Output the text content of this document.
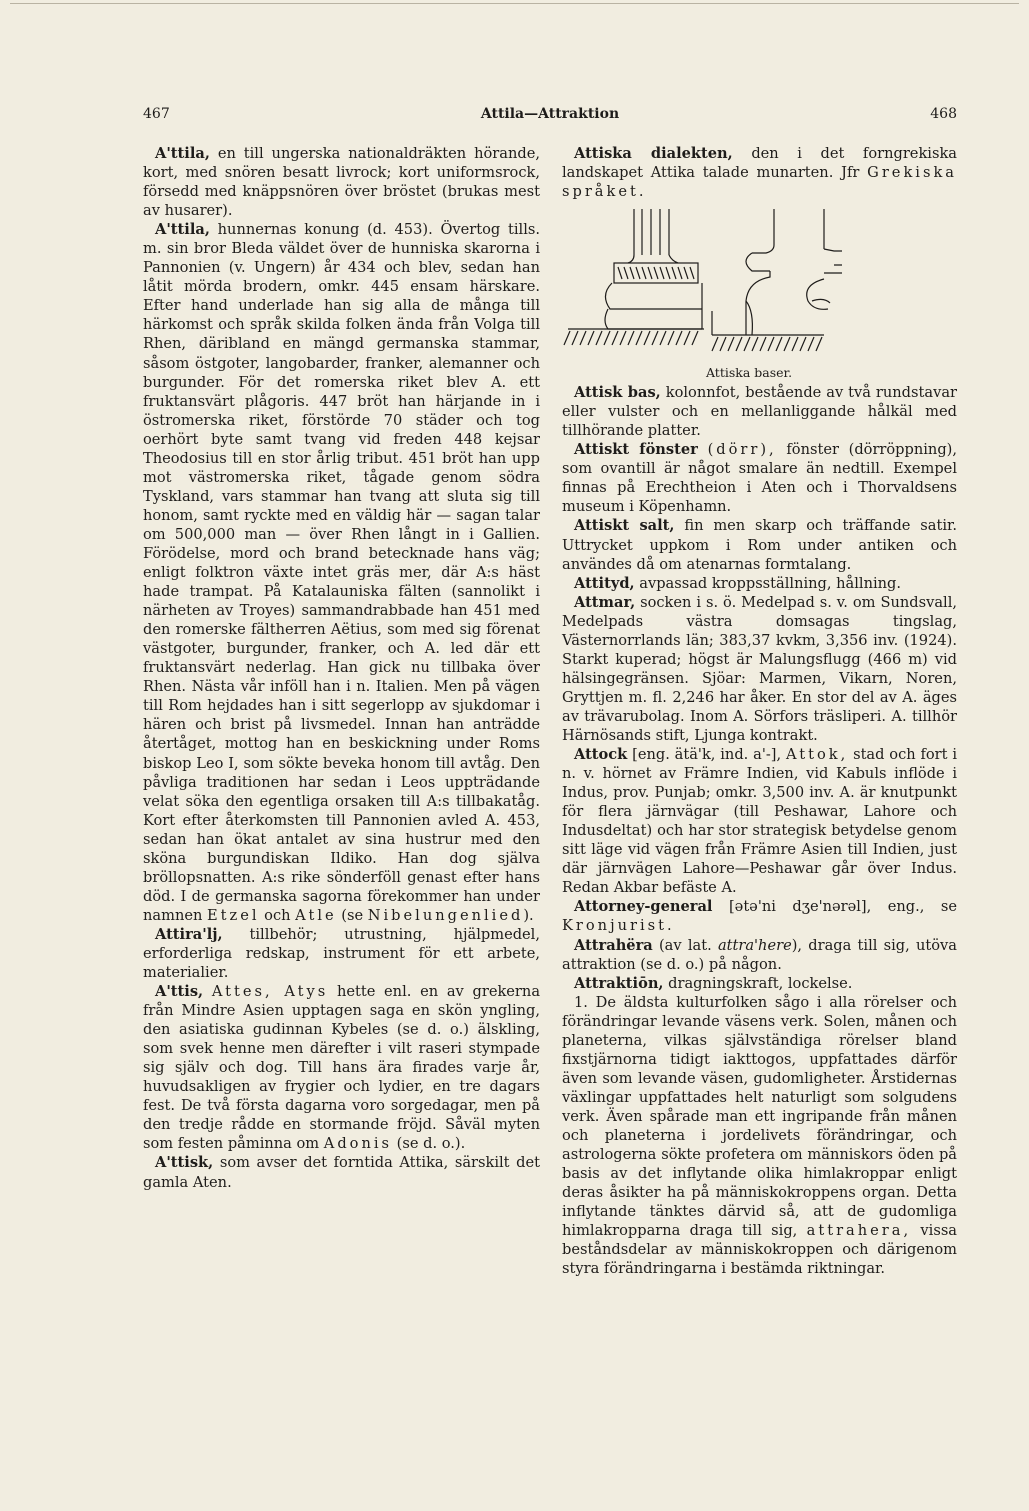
467	Attila—Attraktion	468

A'ttila, en till ungerska nationaldräkten hörande, kort, med snören besatt livrock; kort uniformsrock, försedd med knäppsnören över bröstet (brukas mest av husarer).

A'ttila, hunnernas konung (d. 453). Övertog tills. m. sin bror Bleda väldet över de hunniska skarorna i Pannonien (v. Ungern) år 434 och blev, sedan han låtit mörda brodern, omkr. 445 ensam härskare. Efter hand underlade han sig alla de många till härkomst och språk skilda folken ända från Volga till Rhen, däribland en mängd germanska stammar, såsom östgoter, langobarder, franker, alemanner och burgunder. För det romerska riket blev A. ett fruktansvärt plågoris. 447 bröt han härjande in i östromerska riket, förstörde 70 städer och tog oerhört byte samt tvang vid freden 448 kejsar Theodosius till en stor årlig tribut. 451 bröt han upp mot västromerska riket, tågade genom södra Tyskland, vars stammar han tvang att sluta sig till honom, samt ryckte med en väldig här — sagan talar om 500,000 man — över Rhen långt in i Gallien. Förödelse, mord och brand betecknade hans väg; enligt folktron växte intet gräs mer, där A:s häst hade trampat. På Katalauniska fälten (sannolikt i närheten av Troyes) sammandrabbade han 451 med den romerske fältherren Aëtius, som med sig förenat västgoter, burgunder, franker, och A. led där ett fruktansvärt nederlag. Han gick nu tillbaka över Rhen. Nästa vår inföll han i n. Italien. Men på vägen till Rom hejdades han i sitt segerlopp av sjukdomar i hären och brist på livsmedel. Innan han anträdde återtåget, mottog han en beskickning under Roms biskop Leo I, som sökte beveka honom till avtåg. Den påvliga traditionen har sedan i Leos uppträdande velat söka den egentliga orsaken till A:s tillbakatåg. Kort efter återkomsten till Pannonien avled A. 453, sedan han ökat antalet av sina hustrur med den sköna burgundiskan Ildiko. Han dog själva bröllopsnatten. A:s rike sönderföll genast efter hans död. I de germanska sagorna förekommer han under namnen Etzel och Atle (se Nibelungenlied).

Attira'lj, tillbehör; utrustning, hjälpmedel, erforderliga redskap, instrument för ett arbete, materialier.

A'ttis, Attes, Atys hette enl. en av grekerna från Mindre Asien upptagen saga en skön yngling, den asiatiska gudinnan Kybeles (se d. o.) älskling, som svek henne men därefter i vilt raseri stympade sig själv och dog. Till hans ära firades varje år, huvudsakligen av frygier och lydier, en tre dagars fest. De två första dagarna voro sorgedagar, men på den tredje rådde en stormande fröjd. Såväl myten som festen påminna om Adonis (se d. o.).

A'ttisk, som avser det forntida Attika, särskilt det gamla Aten.

Attiska dialekten, den i det forngrekiska landskapet Attika talade munarten. Jfr Grekiska språket.

Attiska baser.

Attisk bas, kolonnfot, bestående av två rundstavar eller vulster och en mellanliggande hålkäl med tillhörande platter.

Attiskt fönster (dörr), fönster (dörröppning), som ovantill är något smalare än nedtill. Exempel finnas på Erechtheion i Aten och i Thorvaldsens museum i Köpenhamn.

Attiskt salt, fin men skarp och träffande satir. Uttrycket uppkom i Rom under antiken och användes då om atenarnas formtalang.

Attityd, avpassad kroppsställning, hållning.

Attmar, socken i s. ö. Medelpad s. v. om Sundsvall, Medelpads västra domsagas tingslag, Västernorrlands län; 383,37 kvkm, 3,356 inv. (1924). Starkt kuperad; högst är Malungsflugg (466 m) vid hälsingegränsen. Sjöar: Marmen, Vikarn, Noren, Gryttjen m. fl. 2,246 har åker. En stor del av A. äges av trävarubolag. Inom A. Sörfors träsliperi. A. tillhör Härnösands stift, Ljunga kontrakt.

Attock [eng. ätä'k, ind. a'-], Attok, stad och fort i n. v. hörnet av Främre Indien, vid Kabuls inflöde i Indus, prov. Punjab; omkr. 3,500 inv. A. är knutpunkt för flera järnvägar (till Peshawar, Lahore och Indusdeltat) och har stor strategisk betydelse genom sitt läge vid vägen från Främre Asien till Indien, just där järnvägen Lahore—Peshawar går över Indus. Redan Akbar befäste A.

Attorney-general [ətə'ni dʒe'nərəl], eng., se Kronjurist.

Attrahëra (av lat. attra'here), draga till sig, utöva attraktion (se d. o.) på någon.

Attraktiōn, dragningskraft, lockelse.

1. De äldsta kulturfolken sågo i alla rörelser och förändringar levande väsens verk. Solen, månen och planeterna, vilkas självständiga rörelser bland fixstjärnorna tidigt iakttogos, uppfattades därför även som levande väsen, gudomligheter. Årstidernas växlingar uppfattades helt naturligt som solgudens verk. Även spårade man ett ingripande från månen och planeterna i jordelivets förändringar, och astrologerna sökte profetera om människors öden på basis av det inflytande olika himlakroppar enligt deras åsikter ha på människokroppens organ. Detta inflytande tänktes därvid så, att de gudomliga himlakropparna draga till sig, attrahera, vissa beståndsdelar av människokroppen och därigenom styra förändringarna i bestämda riktningar.
